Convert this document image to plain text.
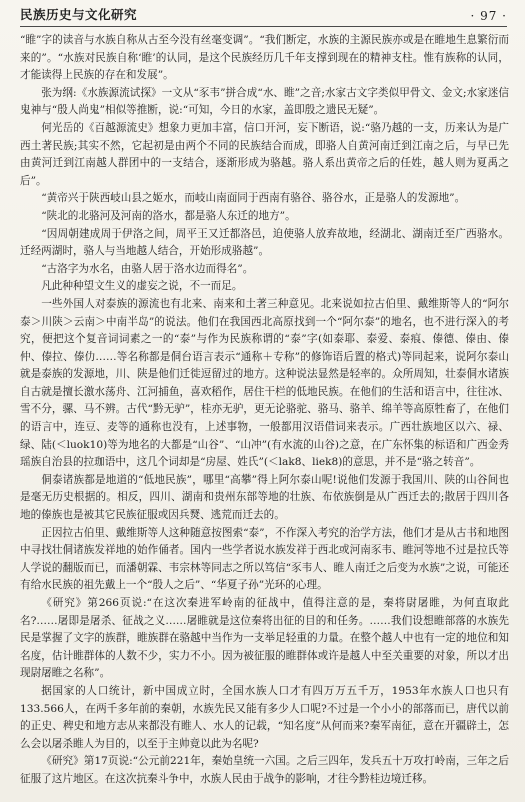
民族历史与文化研究	· 97 ·

“睢”字的读音与水族自称从古至今没有丝毫变调”。“我们断定，水族的主源民族亦或是在睢地生息繁衍而来的”。“水族对民族自称‘睢’的认同，是这个民族经历几千年支撑到现在的精神支柱。惟有族称的认同，才能读得上民族的存在和发展”。

张为纲:《水族源流试探》一文从“豕韦”拼合成“水、睢”之音;水家古文字类似甲骨文、金文;水家迷信鬼神与“殷人尚鬼”相似等推断，说:“可知，今日的水家，盖即殷之遗民无疑”。

何光岳的《百越源流史》想象力更加丰富，信口开河，妄下断语，说:“骆乃越的一支，历来认为是广西土著民族;其实不然，它起初是由两个不同的民族结合而成，即骆人自黄河南迁到江南之后，与早已先由黄河迁到江南越人群团中的一支结合，逐渐形成为骆越。骆人系出黄帝之后的任姓，越人则为夏禹之后”。

“黄帝兴于陕西岐山县之姬水，而岐山南面同于西南有骆谷、骆谷水，正是骆人的发源地”。

“陕北的北骆河及河南的洛水，都是骆人东迁的地方”。

“因周朝建成周于伊洛之间，周平王又迁都洛邑，迫使骆人放弃故地，经湖北、湖南迁至广西骆水。迁经两湖时，骆人与当地越人结合，开始形成骆越”。

“古洛字为水名，由骆人居于洛水边而得名”。

凡此种种望文生义的虚妄之说，不一而足。

一些外国人对泰族的源流也有北来、南来和土著三种意见。北来说如拉古伯里、戴维斯等人的“阿尔泰＞川陕＞云南＞中南半岛”的说法。他们在我国西北高原找到一个“阿尔泰”的地名，也不进行深入的考究，便把这个复音词词素之一的“泰”与作为民族称谓的“泰”字(如泰耶、泰爱、泰痕、傣德、傣由、傣仲、傣拉、傣仂……等名称都是侗台语言表示“通称＋专称”的修饰语后置的格式)等同起来，说阿尔泰山就是泰族的发源地，川、陕是他们迁徙逗留过的地方。这种说法显然是轻率的。众所周知，壮泰侗水诸族自古就是擅长激水荡舟、江河捕鱼，喜欢稻作，居住干栏的低地民族。在他们的生活和语言中，往往冰、雪不分，骡、马不辨。古代“黔无驴”，桂亦无驴，更无论骆驼、骆马、骆羊、绵羊等高原牲畜了，在他们的语言中，连豆、麦等的通称也没有，上述事物，一般都用汉语借词来表示。广西壮族地区以六、禄、绿、陆(＜luok10)等为地名的大都是“山谷”、“山冲”(有水流的山谷)之意，在广东怀集的标语和广西金秀瑶族自治县的拉珈语中，这几个词却是“房屋、姓氏”(＜lak8、liek8)的意思，并不是“骆之转音”。

侗泰诸族都是地道的“低地民族”，哪里“高攀”得上阿尔泰山呢!说他们发源于我国川、陕的山谷间也是毫无历史根据的。相反，四川、湖南和贵州东部等地的壮族、布依族倒是从广西迁去的;散居于四川各地的傣族也是被其它民族征服或因兵燹、逃荒而迁去的。

正因拉古伯里、戴维斯等人这种随意按图索“泰”，不作深入考究的治学方法，他们才是从古书和地图中寻找壮侗诸族发祥地的始作俑者。国内一些学者说水族发祥于西北或河南豕韦、睢河等地不过是拉氏等人学说的翻版而已，而潘朝霖、韦宗林等同志之所以笃信“豕韦人、睢人南迁之后变为水族”之说，可能还有给水民族的祖先戴上一个“殷人之后”、“华夏子孙”光环的心理。

《研究》第266页说:“在这次秦进军岭南的征战中，值得注意的是，秦将尉屠睢，为何直取此名?……屠即是屠杀、征战之义……屠睢就是这位秦将出征的目的和任务。……我们设想睢部落的水族先民是掌握了文字的族群，睢族群在骆越中当作为一支举足轻重的力量。在整个越人中也有一定的地位和知名度，估计睢群体的人数不少，实力不小。因为被征服的睢群体或许是越人中至关重要的对象，所以才出现尉屠睢之名称”。

据国家的人口统计，新中国成立时，全国水族人口才有四万万五千万，1953年水族人口也只有133.566人，在两千多年前的秦朝，水族先民又能有多少人口呢?不过是一个小小的部落而已，唐代以前的正史、稗史和地方志从来都没有睢人、水人的记载，“知名度”从何而来?秦军南征，意在开疆辟土，怎么会以屠杀睢人为目的，以至于主帅竟以此为名呢?

《研究》第17页说:“公元前221年，秦始皇统一六国。之后三四年，发兵五十万攻打岭南，三年之后征服了这片地区。在这次抗秦斗争中，水族人民由于战争的影响，才往今黔桂边境迁移。
